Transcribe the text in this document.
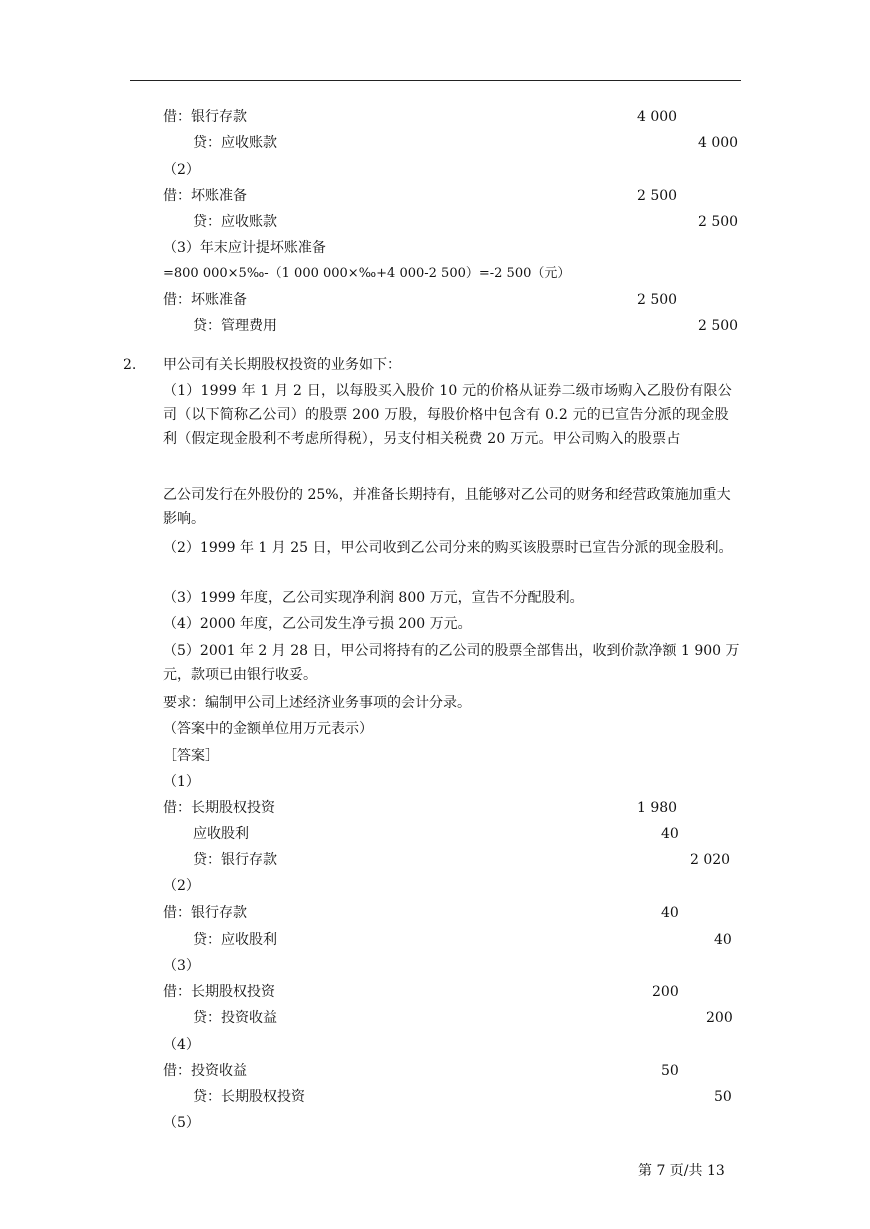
借：银行存款	4 000
贷：应收账款	4 000
（2）
借：坏账准备	2 500
贷：应收账款	2 500
（3）年末应计提坏账准备
=800 000×5‰-（1 000 000×‰+4 000-2 500）=-2 500（元）
借：坏账准备	2 500
贷：管理费用	2 500
2. 甲公司有关长期股权投资的业务如下：
（1）1999 年 1 月 2 日，以每股买入股价 10 元的价格从证券二级市场购入乙股份有限公司（以下简称乙公司）的股票 200 万股，每股价格中包含有 0.2 元的已宣告分派的现金股利（假定现金股利不考虑所得税），另支付相关税费 20 万元。甲公司购入的股票占
乙公司发行在外股份的 25%，并准备长期持有，且能够对乙公司的财务和经营政策施加重大影响。
（2）1999 年 1 月 25 日，甲公司收到乙公司分来的购买该股票时已宣告分派的现金股利。
（3）1999 年度，乙公司实现净利润 800 万元，宣告不分配股利。
（4）2000 年度，乙公司发生净亏损 200 万元。
（5）2001 年 2 月 28 日，甲公司将持有的乙公司的股票全部售出，收到价款净额 1 900 万元，款项已由银行收妥。
要求：编制甲公司上述经济业务事项的会计分录。
（答案中的金额单位用万元表示）
［答案］
（1）
借：长期股权投资	1 980
应收股利	40
贷：银行存款	2 020
（2）
借：银行存款	40
贷：应收股利	40
（3）
借：长期股权投资	200
贷：投资收益	200
（4）
借：投资收益	50
贷：长期股权投资	50
（5）
第 7 页/共 13
